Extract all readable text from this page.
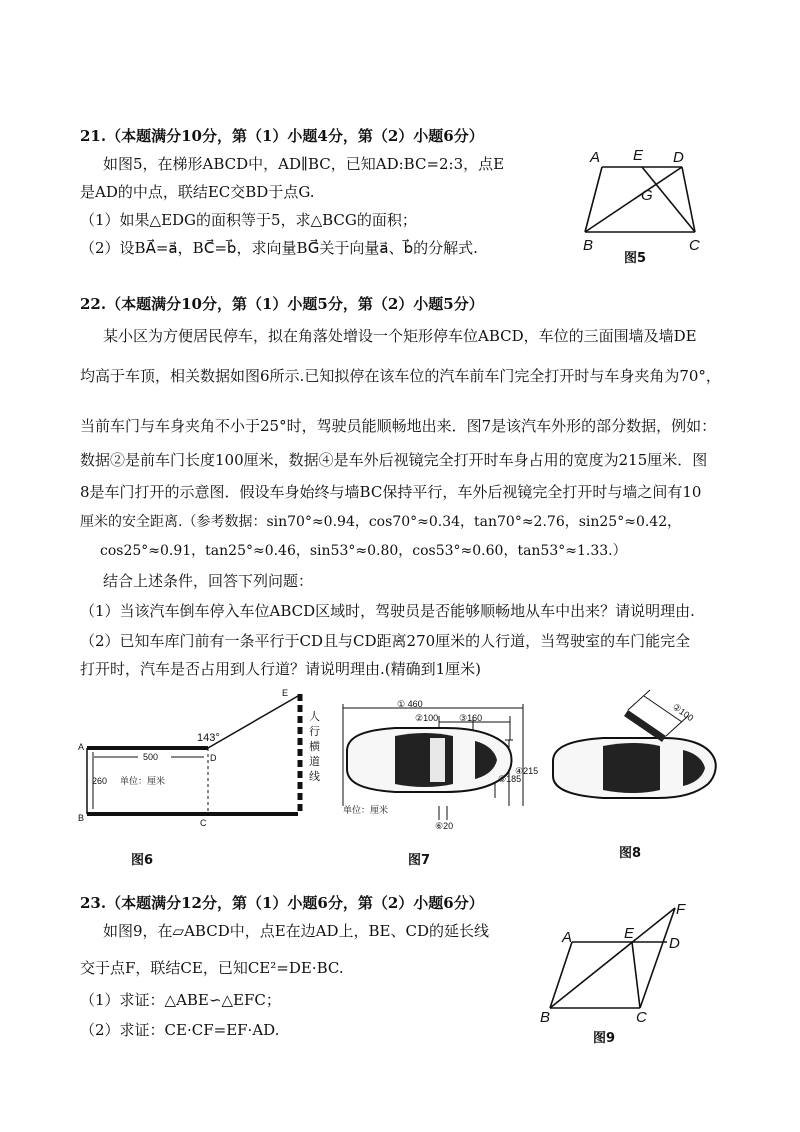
21.（本题满分10分，第（1）小题4分，第（2）小题6分）
如图5，在梯形ABCD中，AD∥BC，已知AD:BC=2:3，点E
是AD的中点，联结EC交BD于点G.
（1）如果△EDG的面积等于5，求△BCG的面积；
（2）设BA⃗=a⃗，BC⃗=b⃗，求向量BG⃗关于向量a⃗、b⃗的分解式.
A E D
G
B	C
图5
22.（本题满分10分，第（1）小题5分，第（2）小题5分）
某小区为方便居民停车，拟在角落处增设一个矩形停车位ABCD，车位的三面围墙及墙DE
均高于车顶，相关数据如图6所示.已知拟停在该车位的汽车前车门完全打开时与车身夹角为70°，
当前车门与车身夹角不小于25°时，驾驶员能顺畅地出来．图7是该汽车外形的部分数据，例如：
数据②是前车门长度100厘米，数据④是车外后视镜完全打开时车身占用的宽度为215厘米．图
8是车门打开的示意图．假设车身始终与墙BC保持平行，车外后视镜完全打开时与墙之间有10
厘米的安全距离.（参考数据：sin70°≈0.94，cos70°≈0.34，tan70°≈2.76，sin25°≈0.42，
cos25°≈0.91，tan25°≈0.46，sin53°≈0.80，cos53°≈0.60，tan53°≈1.33.）
结合上述条件，回答下列问题：
（1）当该汽车倒车停入车位ABCD区域时，驾驶员是否能够顺畅地从车中出来？请说明理由.
（2）已知车库门前有一条平行于CD且与CD距离270厘米的人行道，当驾驶室的车门能完全
打开时，汽车是否占用到人行道？请说明理由.(精确到1厘米)
A
B	C
D
E
500
260 单位：厘米
143°
人
行
横
道
线
图6
① 460
②100 ③160
④215
⑤185
⑥20
单位：厘米
图7
②100
图8
23.（本题满分12分，第（1）小题6分，第（2）小题6分）
如图9，在▱ABCD中，点E在边AD上，BE、CD的延长线
交于点F，联结CE，已知CE²=DE·BC.
（1）求证：△ABE∽△EFC；
（2）求证：CE·CF=EF·AD.
A	E
D
F
B	C
图9
